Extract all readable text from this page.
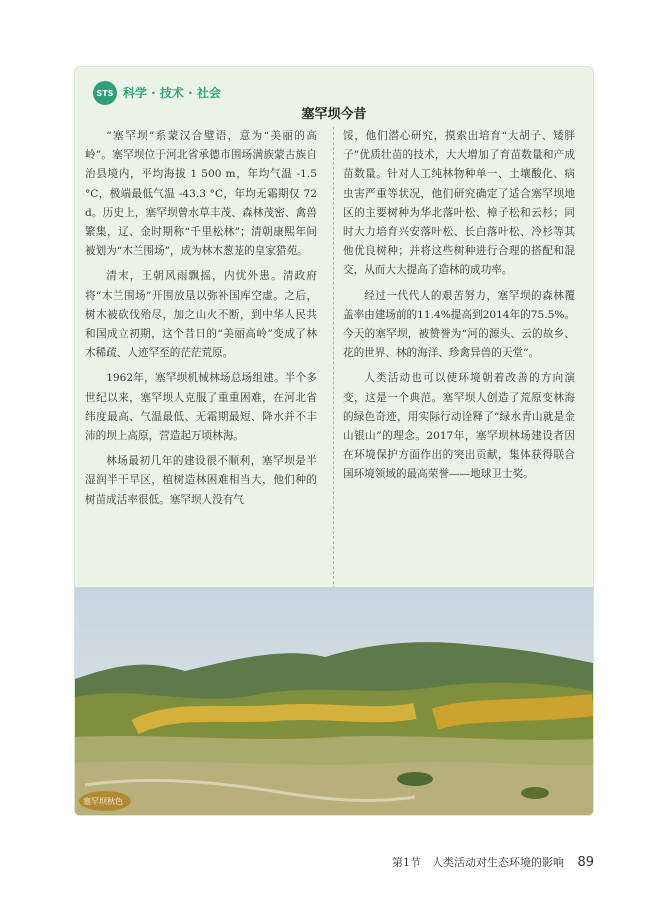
STS 科学 · 技术 · 社会
塞罕坝今昔

“塞罕坝”系蒙汉合璧语，意为“美丽的高岭”。塞罕坝位于河北省承德市围场满族蒙古族自治县境内，平均海拔 1 500 m，年均气温 -1.5 °C，极端最低气温 -43.3 °C，年均无霜期仅 72 d。历史上，塞罕坝曾水草丰茂、森林茂密、禽兽繁集，辽、金时期称“千里松林”；清朝康熙年间被划为“木兰围场”，成为林木葱茏的皇家猎苑。

清末，王朝风雨飘摇，内忧外患。清政府将“木兰围场”开围放垦以弥补国库空虚。之后，树木被砍伐殆尽，加之山火不断，到中华人民共和国成立初期，这个昔日的“美丽高岭”变成了林木稀疏、人迹罕至的茫茫荒原。

1962年，塞罕坝机械林场总场组建。半个多世纪以来，塞罕坝人克服了重重困难，在河北省纬度最高、气温最低、无霜期最短、降水并不丰沛的坝上高原，营造起万顷林海。

林场最初几年的建设很不顺利，塞罕坝是半湿润半干旱区，植树造林困难相当大，他们种的树苗成活率很低。塞罕坝人没有气

馁，他们潜心研究，摸索出培育“大胡子、矮胖子”优质壮苗的技术，大大增加了育苗数量和产成苗数量。针对人工纯林物种单一、土壤酸化、病虫害严重等状况，他们研究确定了适合塞罕坝地区的主要树种为华北落叶松、樟子松和云杉；同时大力培育兴安落叶松、长白落叶松、冷杉等其他优良树种；并将这些树种进行合理的搭配和混交，从而大大提高了造林的成功率。

经过一代代人的艰苦努力，塞罕坝的森林覆盖率由建场前的11.4%提高到2014年的75.5%。今天的塞罕坝，被赞誉为“河的源头、云的故乡、花的世界、林的海洋、珍禽异兽的天堂”。

人类活动也可以使环境朝着改善的方向演变，这是一个典范。塞罕坝人创造了荒原变林海的绿色奇迹，用实际行动诠释了“绿水青山就是金山银山”的理念。2017年，塞罕坝林场建设者因在环境保护方面作出的突出贡献，集体获得联合国环境领域的最高荣誉——地球卫士奖。

塞罕坝秋色
第1节　人类活动对生态环境的影响 89
